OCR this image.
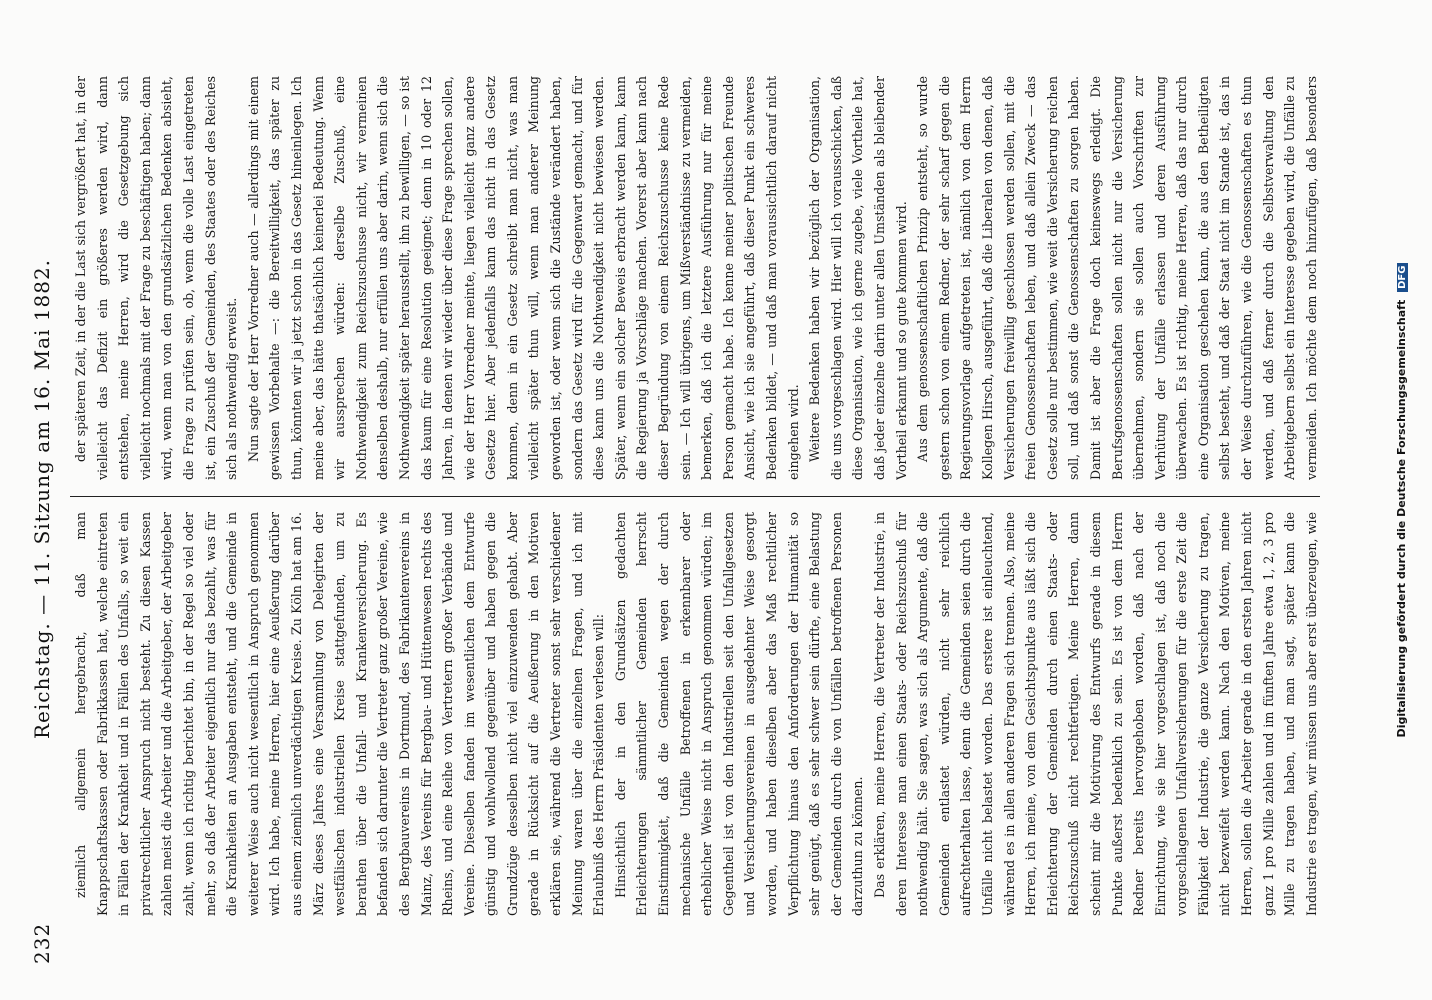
232
Reichstag. — 11. Sitzung am 16. Mai 1882. ziemlich allgemein hergebracht, daß man Knappschaftskassen oder Fabrikkassen hat, welche eintreten in Fällen der Krankheit und in Fällen des Unfalls, so weit ein privatrechtlicher Anspruch nicht besteht. Zu diesen Kassen zahlen meist die Arbeiter und die Arbeitgeber, der Arbeitgeber zahlt, wenn ich richtig berichtet bin, in der Regel so viel oder mehr, so daß der Arbeiter eigentlich nur das bezahlt, was für die Krankheiten an Ausgaben entsteht, und die Gemeinde in weiterer Weise auch nicht wesentlich in Anspruch genommen wird. Ich habe, meine Herren, hier eine Aeußerung darüber aus einem ziemlich unverdächtigen Kreise. Zu Köln hat am 16. März dieses Jahres eine Versammlung von Delegirten der westfälischen industriellen Kreise stattgefunden, um zu berathen über die Unfall- und Krankenversicherung. Es befanden sich darunter die Vertreter ganz großer Vereine, wie des Bergbauvereins in Dortmund, des Fabrikantenvereins in Mainz, des Vereins für Bergbau- und Hüttenwesen rechts des Rheins, und eine Reihe von Vertretern großer Verbände und Vereine. Dieselben fanden im wesentlichen dem Entwurfe günstig und wohlwollend gegenüber und haben gegen die Grundzüge desselben nicht viel einzuwenden gehabt. Aber gerade in Rücksicht auf die Aeußerung in den Motiven erklären sie, während die Vertreter sonst sehr verschiedener Meinung waren über die einzelnen Fragen, und ich mit Erlaubniß des Herrn Präsidenten verlesen will: Hinsichtlich der in den Grundsätzen gedachten Erleichterungen sämmtlicher Gemeinden herrscht Einstimmigkeit, daß die Gemeinden wegen der durch mechanische Unfälle Betroffenen in erkennbarer oder erheblicher Weise nicht in Anspruch genommen würden; im Gegentheil ist von den Industriellen seit den Unfallgesetzen und Versicherungsvereinen in ausgedehnter Weise gesorgt worden, und haben dieselben aber das Maß rechtlicher Verpflichtung hinaus den Anforderungen der Humanität so sehr genügt, daß es sehr schwer sein dürfte, eine Belastung der Gemeinden durch die von Unfällen betroffenen Personen darzuthun zu können. Das erklären, meine Herren, die Vertreter der Industrie, in deren Interesse man einen Staats- oder Reichszuschuß für nothwendig hält. Sie sagen, was sich als Argumente, daß die Gemeinden entlastet würden, nicht sehr reichlich aufrechterhalten lasse, denn die Gemeinden seien durch die Unfälle nicht belastet worden. Das erstere ist einleuchtend, während es in allen anderen Fragen sich trennen. Also, meine Herren, ich meine, von dem Gesichtspunkte aus läßt sich die Erleichterung der Gemeinden durch einen Staats- oder Reichszuschuß nicht rechtfertigen. Meine Herren, dann scheint mir die Motivirung des Entwurfs gerade in diesem Punkte außerst bedenklich zu sein. Es ist von dem Herrn Redner bereits hervorgehoben worden, daß nach der Einrichtung, wie sie hier vorgeschlagen ist, daß noch die vorgeschlagenen Unfallversicherungen für die erste Zeit die Fähigkeit der Industrie, die ganze Versicherung zu tragen, nicht bezweifelt werden kann. Nach den Motiven, meine Herren, sollen die Arbeiter gerade in den ersten Jahren nicht ganz 1 pro Mille zahlen und im fünften Jahre etwa 1, 2, 3 pro Mille zu tragen haben, und man sagt, später kann die Industrie es tragen, wir müssen uns aber erst überzeugen, wie

der späteren Zeit, in der die Last sich vergrößert hat, in der vielleicht das Defizit ein größeres werden wird, dann entstehen, meine Herren, wird die Gesetzgebung sich vielleicht nochmals mit der Frage zu beschäftigen haben; dann wird, wenn man von den grundsätzlichen Bedenken absieht, die Frage zu prüfen sein, ob, wenn die volle Last eingetreten ist, ein Zuschuß der Gemeinden, des Staates oder des Reiches sich als nothwendig erweist. Nun sagte der Herr Vorredner auch — allerdings mit einem gewissen Vorbehalte —: die Bereitwilligkeit, das später zu thun, könnten wir ja jetzt schon in das Gesetz hineinlegen. Ich meine aber, das hätte thatsächlich keinerlei Bedeutung. Wenn wir aussprechen würden: derselbe Zuschuß, eine Nothwendigkeit zum Reichszuschusse nicht, wir vermeinen denselben deshalb, nur erfüllen uns aber darin, wenn sich die Nothwendigkeit später herausstellt, ihn zu bewilligen, — so ist das kaum für eine Resolution geeignet; denn in 10 oder 12 Jahren, in denen wir wieder über diese Frage sprechen sollen, wie der Herr Vorredner meinte, liegen vielleicht ganz andere Gesetze hier. Aber jedenfalls kann das nicht in das Gesetz kommen, denn in ein Gesetz schreibt man nicht, was man vielleicht später thun will, wenn man anderer Meinung geworden ist, oder wenn sich die Zustände verändert haben, sondern das Gesetz wird für die Gegenwart gemacht, und für diese kann uns die Nothwendigkeit nicht bewiesen werden. Später, wenn ein solcher Beweis erbracht werden kann, kann die Regierung ja Vorschläge machen. Vorerst aber kann nach dieser Begründung von einem Reichszuschusse keine Rede sein. — Ich will übrigens, um Mißverständnisse zu vermeiden, bemerken, daß ich die letztere Ausführung nur für meine Person gemacht habe. Ich kenne meiner politischen Freunde Ansicht, wie ich sie angeführt, daß dieser Punkt ein schweres Bedenken bildet, — und daß man voraussichtlich darauf nicht eingehen wird. Weitere Bedenken haben wir bezüglich der Organisation, die uns vorgeschlagen wird. Hier will ich vorausschicken, daß diese Organisation, wie ich gerne zugebe, viele Vortheile hat, daß jeder einzelne darin unter allen Umständen als bleibender Vortheil erkannt und so gute kommen wird. Aus dem genossenschaftlichen Prinzip entsteht, so wurde gestern schon von einem Redner, der sehr scharf gegen die Regierungsvorlage aufgetreten ist, nämlich von dem Herrn Kollegen Hirsch, ausgeführt, daß die Liberalen von denen, daß Versicherungen freiwillig geschlossen werden sollen, mit die freien Genossenschaften leben, und daß allein Zweck — das Gesetz solle nur bestimmen, wie weit die Versicherung reichen soll, und daß sonst die Genossenschaften zu sorgen haben. Damit ist aber die Frage doch keineswegs erledigt. Die Berufsgenossenschaften sollen nicht nur die Versicherung übernehmen, sondern sie sollen auch Vorschriften zur Verhütung der Unfälle erlassen und deren Ausführung überwachen. Es ist richtig, meine Herren, daß das nur durch eine Organisation geschehen kann, die aus den Betheiligten selbst besteht, und daß der Staat nicht im Stande ist, das in der Weise durchzuführen, wie die Genossenschaften es thun werden, und daß ferner durch die Selbstverwaltung den Arbeitgebern selbst ein Interesse gegeben wird, die Unfälle zu vermeiden. Ich möchte dem noch hinzufügen, daß besonders

Digitalisierung gefördert durch die Deutsche Forschungsgemeinschaft DFG
